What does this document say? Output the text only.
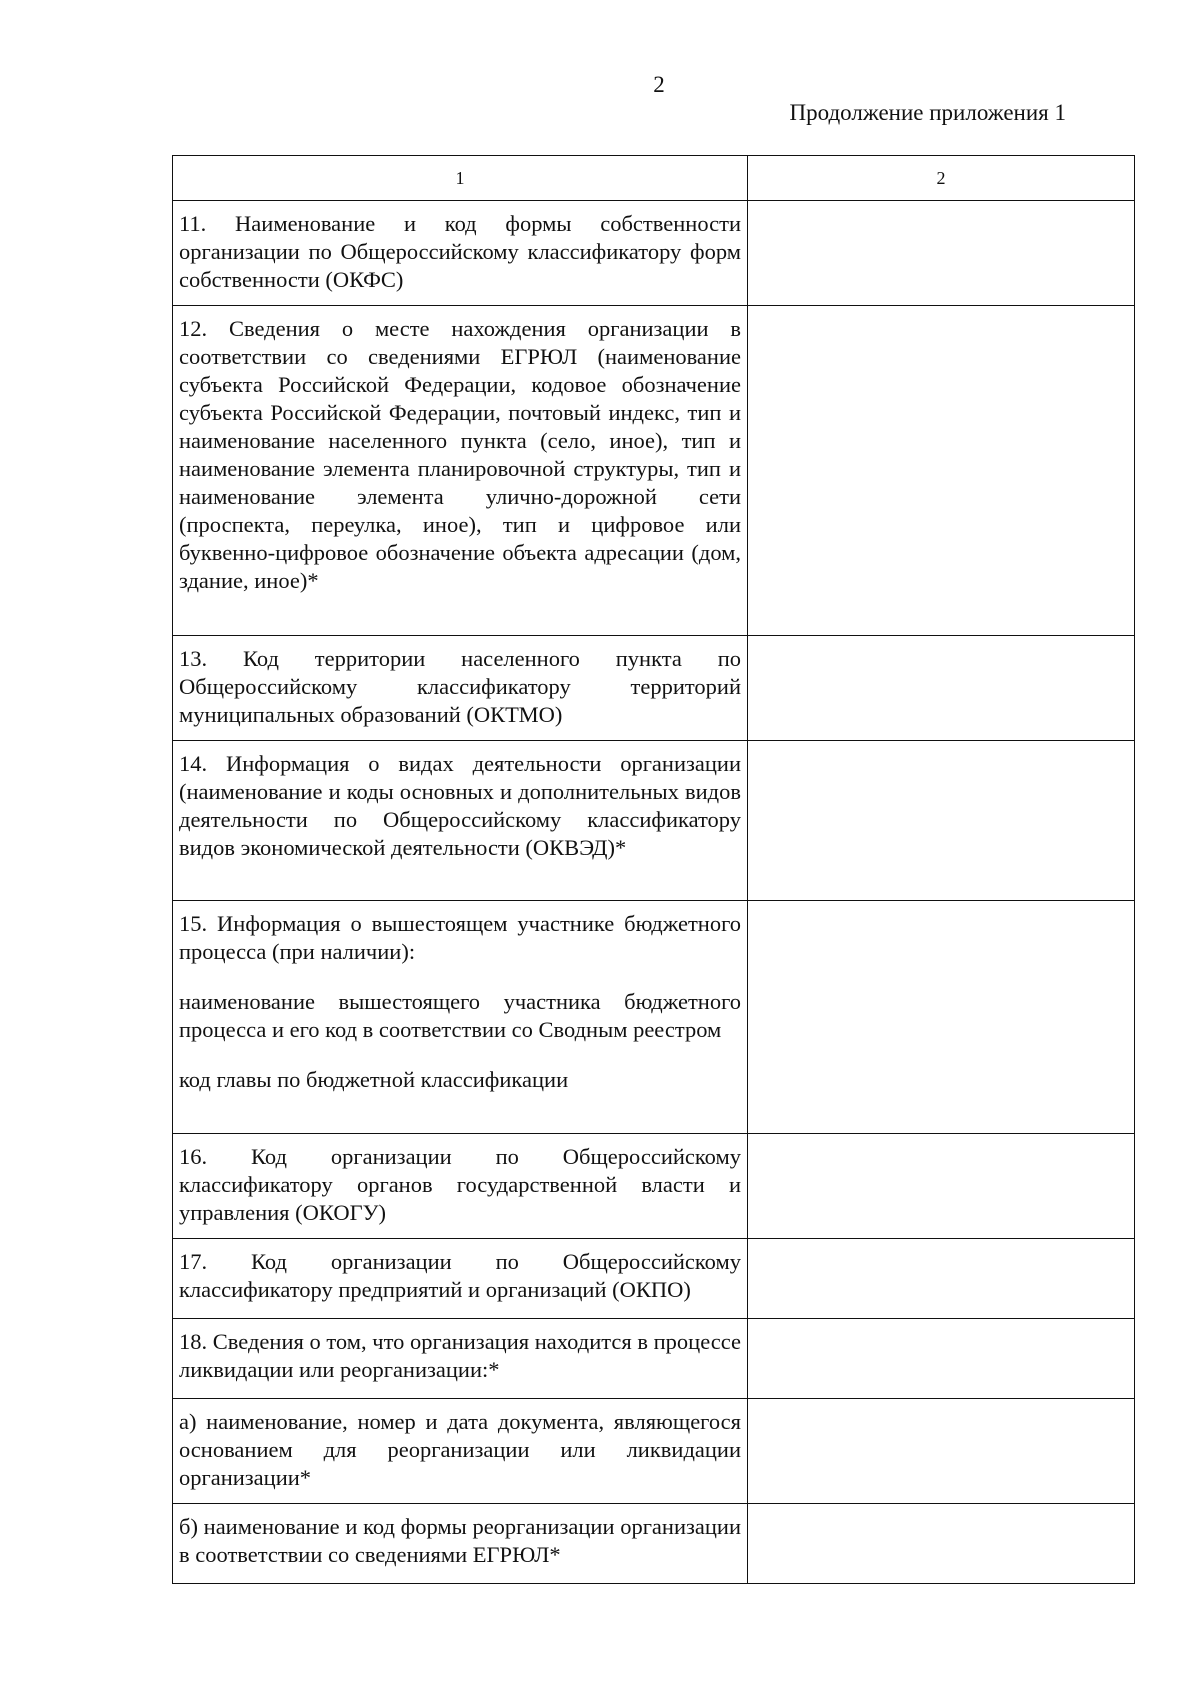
2
Продолжение приложения 1
1	2

11. Наименование и код формы собственности организации по Общероссийскому классификатору форм собственности (ОКФС)	

12. Сведения о месте нахождения организации в соответствии со сведениями ЕГРЮЛ (наименование субъекта Российской Федерации, кодовое обозначение субъекта Российской Федерации, почтовый индекс, тип и наименование населенного пункта (село, иное), тип и наименование элемента планировочной структуры, тип и наименование элемента улично-дорожной сети (проспекта, переулка, иное), тип и цифровое или буквенно-цифровое обозначение объекта адресации (дом, здание, иное)*	

13. Код территории населенного пункта по Общероссийскому классификатору территорий муниципальных образований (ОКТМО)	

14. Информация о видах деятельности организации (наименование и коды основных и дополнительных видов деятельности по Общероссийскому классификатору видов экономической деятельности (ОКВЭД)*	

15. Информация о вышестоящем участнике бюджетного процесса (при наличии):

наименование вышестоящего участника бюджетного процесса и его код в соответствии со Сводным реестром

код главы по бюджетной классификации	

16. Код организации по Общероссийскому классификатору органов государственной власти и управления (ОКОГУ)	

17. Код организации по Общероссийскому классификатору предприятий и организаций (ОКПО)	

18. Сведения о том, что организация находится в процессе ликвидации или реорганизации:*	

а) наименование, номер и дата документа, являющегося основанием для реорганизации или ликвидации организации*	

б) наименование и код формы реорганизации организации в соответствии со сведениями ЕГРЮЛ*	
